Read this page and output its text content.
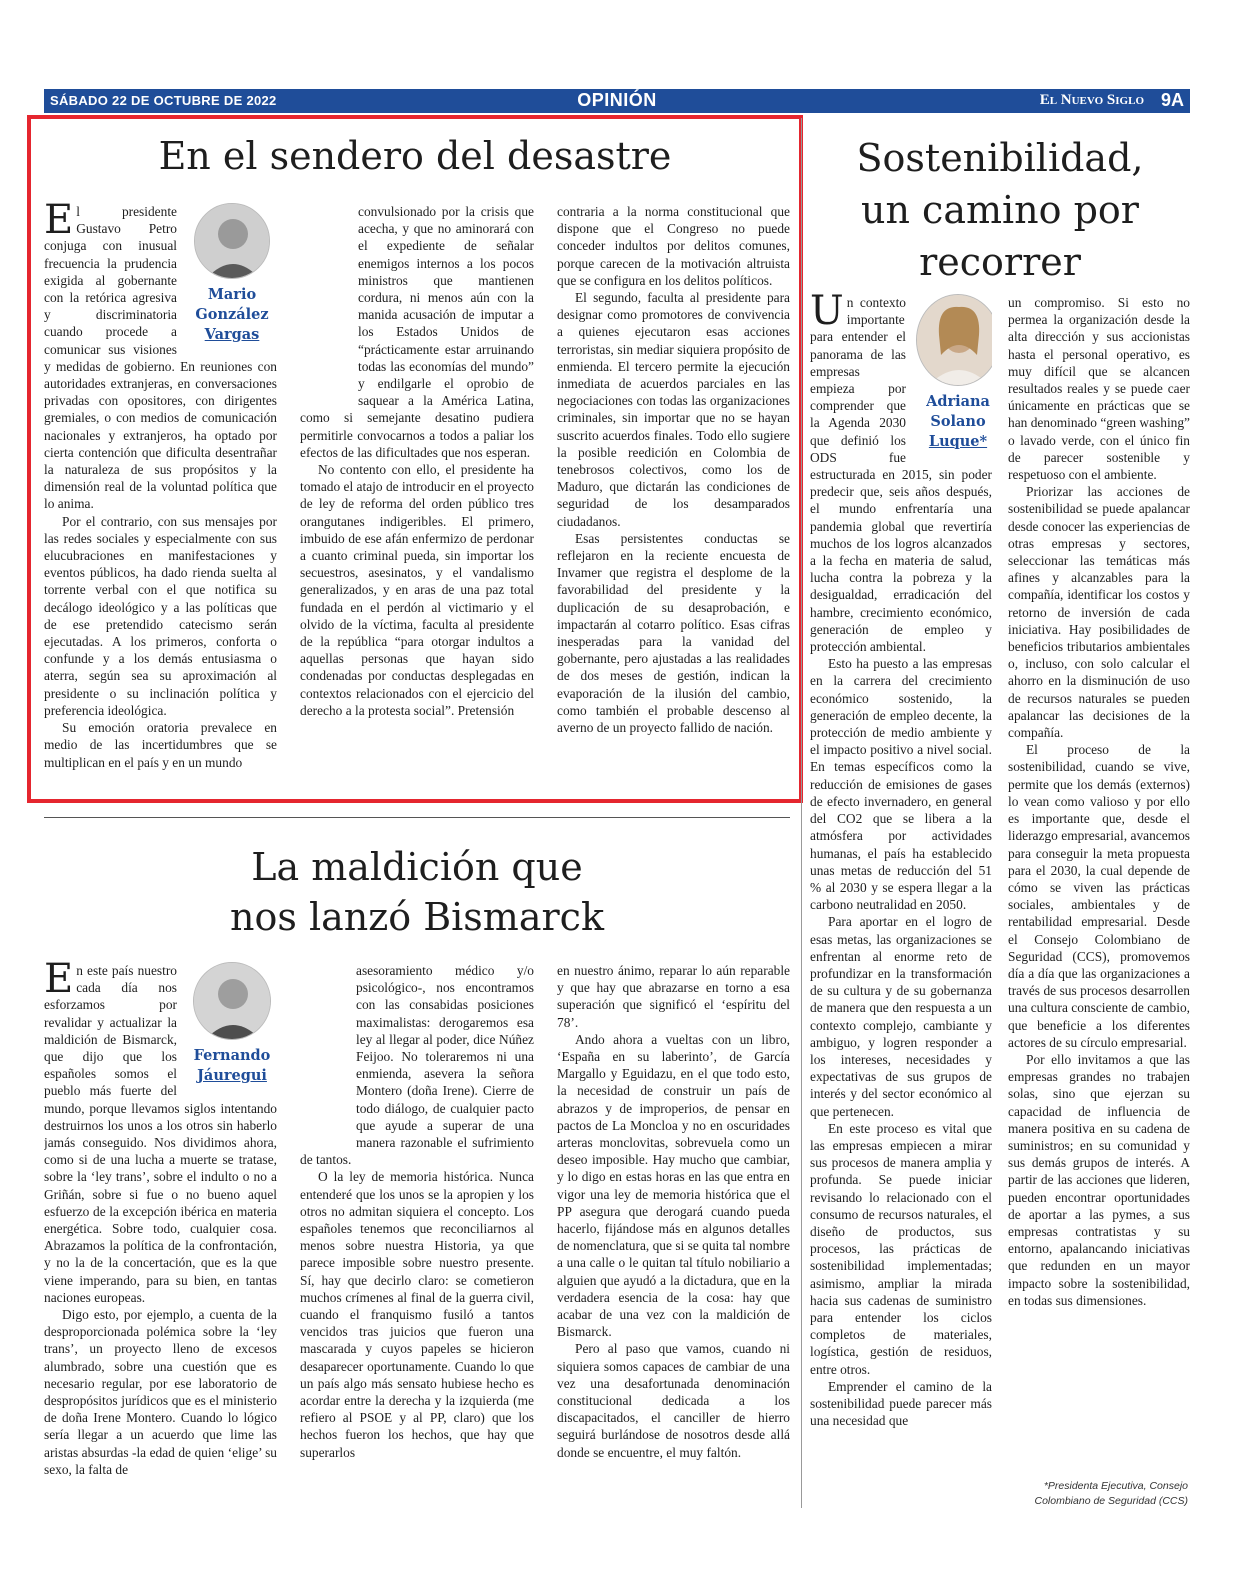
SÁBADO 22 DE OCTUBRE DE 2022	OPINIÓN	El Nuevo Siglo 9A
En el sendero del desastre
Mario
González
Vargas

El presidente Gustavo Petro conjuga con inusual frecuencia la prudencia exigida al gobernante con la retórica agresiva y discriminatoria cuando procede a comunicar sus visiones y medidas de gobierno. En reuniones con autoridades extranjeras, en conversaciones privadas con opositores, con dirigentes gremiales, o con medios de comunicación nacionales y extranjeros, ha optado por cierta contención que dificulta desentrañar la naturaleza de sus propósitos y la dimensión real de la voluntad política que lo anima.

Por el contrario, con sus mensajes por las redes sociales y especialmente con sus elucubraciones en manifestaciones y eventos públicos, ha dado rienda suelta al torrente verbal con el que notifica su decálogo ideológico y a las políticas que de ese pretendido catecismo serán ejecutadas. A los primeros, conforta o confunde y a los demás entusiasma o aterra, según sea su aproximación al presidente o su inclinación política y preferencia ideológica.

Su emoción oratoria prevalece en medio de las incertidumbres que se multiplican en el país y en un mundo

convulsionado por la crisis que acecha, y que no aminorará con el expediente de señalar enemigos internos a los pocos ministros que mantienen cordura, ni menos aún con la manida acusación de imputar a los Estados Unidos de “prácticamente estar arruinando todas las economías del mundo” y endilgarle el oprobio de saquear a la América Latina, como si semejante desatino pudiera permitirle convocarnos a todos a paliar los efectos de las dificultades que nos esperan.

No contento con ello, el presidente ha tomado el atajo de introducir en el proyecto de ley de reforma del orden público tres orangutanes indigeribles. El primero, imbuido de ese afán enfermizo de perdonar a cuanto criminal pueda, sin importar los secuestros, asesinatos, y el vandalismo generalizados, y en aras de una paz total fundada en el perdón al victimario y el olvido de la víctima, faculta al presidente de la república “para otorgar indultos a aquellas personas que hayan sido condenadas por conductas desplegadas en contextos relacionados con el ejercicio del derecho a la protesta social”. Pretensión

contraria a la norma constitucional que dispone que el Congreso no puede conceder indultos por delitos comunes, porque carecen de la motivación altruista que se configura en los delitos políticos.

El segundo, faculta al presidente para designar como promotores de convivencia a quienes ejecutaron esas acciones terroristas, sin mediar siquiera propósito de enmienda. El tercero permite la ejecución inmediata de acuerdos parciales en las negociaciones con todas las organizaciones criminales, sin importar que no se hayan suscrito acuerdos finales. Todo ello sugiere la posible reedición en Colombia de tenebrosos colectivos, como los de Maduro, que dictarán las condiciones de seguridad de los desamparados ciudadanos.

Esas persistentes conductas se reflejaron en la reciente encuesta de Invamer que registra el desplome de la favorabilidad del presidente y la duplicación de su desaprobación, e impactarán al cotarro político. Esas cifras inesperadas para la vanidad del gobernante, pero ajustadas a las realidades de dos meses de gestión, indican la evaporación de la ilusión del cambio, como también el probable descenso al averno de un proyecto fallido de nación.

La maldición que
nos lanzó Bismarck
Fernando
Jáuregui

En este país nuestro cada día nos esforzamos por revalidar y actualizar la maldición de Bismarck, que dijo que los españoles somos el pueblo más fuerte del mundo, porque llevamos siglos intentando destruirnos los unos a los otros sin haberlo jamás conseguido. Nos dividimos ahora, como si de una lucha a muerte se tratase, sobre la ‘ley trans’, sobre el indulto o no a Griñán, sobre si fue o no bueno aquel esfuerzo de la excepción ibérica en materia energética. Sobre todo, cualquier cosa. Abrazamos la política de la confrontación, y no la de la concertación, que es la que viene imperando, para su bien, en tantas naciones europeas.

Digo esto, por ejemplo, a cuenta de la desproporcionada polémica sobre la ‘ley trans’, un proyecto lleno de excesos alumbrado, sobre una cuestión que es necesario regular, por ese laboratorio de despropósitos jurídicos que es el ministerio de doña Irene Montero. Cuando lo lógico sería llegar a un acuerdo que lime las aristas absurdas -la edad de quien ‘elige’ su sexo, la falta de

asesoramiento médico y/o psicológico-, nos encontramos con las consabidas posiciones maximalistas: derogaremos esa ley al llegar al poder, dice Núñez Feijoo. No toleraremos ni una enmienda, asevera la señora Montero (doña Irene). Cierre de todo diálogo, de cualquier pacto que ayude a superar de una manera razonable el sufrimiento de tantos.

O la ley de memoria histórica. Nunca entenderé que los unos se la apropien y los otros no admitan siquiera el concepto. Los españoles tenemos que reconciliarnos al menos sobre nuestra Historia, ya que parece imposible sobre nuestro presente. Sí, hay que decirlo claro: se cometieron muchos crímenes al final de la guerra civil, cuando el franquismo fusiló a tantos vencidos tras juicios que fueron una mascarada y cuyos papeles se hicieron desaparecer oportunamente. Cuando lo que un país algo más sensato hubiese hecho es acordar entre la derecha y la izquierda (me refiero al PSOE y al PP, claro) que los hechos fueron los hechos, que hay que superarlos

en nuestro ánimo, reparar lo aún reparable y que hay que abrazarse en torno a esa superación que significó el ‘espíritu del 78’.

Ando ahora a vueltas con un libro, ‘España en su laberinto’, de García Margallo y Eguidazu, en el que todo esto, la necesidad de construir un país de abrazos y de improperios, de pensar en pactos de La Moncloa y no en oscuridades arteras monclovitas, sobrevuela como un deseo imposible. Hay mucho que cambiar, y lo digo en estas horas en las que entra en vigor una ley de memoria histórica que el PP asegura que derogará cuando pueda hacerlo, fijándose más en algunos detalles de nomenclatura, que si se quita tal nombre a una calle o le quitan tal título nobiliario a alguien que ayudó a la dictadura, que en la verdadera esencia de la cosa: hay que acabar de una vez con la maldición de Bismarck.

Pero al paso que vamos, cuando ni siquiera somos capaces de cambiar de una vez una desafortunada denominación constitucional dedicada a los discapacitados, el canciller de hierro seguirá burlándose de nosotros desde allá donde se encuentre, el muy faltón.

Sostenibilidad,
un camino por
recorrer
Adriana
Solano
Luque*

Un contexto importante para entender el panorama de las empresas empieza por comprender que la Agenda 2030 que definió los ODS fue estructurada en 2015, sin poder predecir que, seis años después, el mundo enfrentaría una pandemia global que revertiría muchos de los logros alcanzados a la fecha en materia de salud, lucha contra la pobreza y la desigualdad, erradicación del hambre, crecimiento económico, generación de empleo y protección ambiental.

Esto ha puesto a las empresas en la carrera del crecimiento económico sostenido, la generación de empleo decente, la protección de medio ambiente y el impacto positivo a nivel social. En temas específicos como la reducción de emisiones de gases de efecto invernadero, en general del CO2 que se libera a la atmósfera por actividades humanas, el país ha establecido unas metas de reducción del 51 % al 2030 y se espera llegar a la carbono neutralidad en 2050.

Para aportar en el logro de esas metas, las organizaciones se enfrentan al enorme reto de profundizar en la transformación de su cultura y de su gobernanza de manera que den respuesta a un contexto complejo, cambiante y ambiguo, y logren responder a los intereses, necesidades y expectativas de sus grupos de interés y del sector económico al que pertenecen.

En este proceso es vital que las empresas empiecen a mirar sus procesos de manera amplia y profunda. Se puede iniciar revisando lo relacionado con el consumo de recursos naturales, el diseño de productos, sus procesos, las prácticas de sostenibilidad implementadas; asimismo, ampliar la mirada hacia sus cadenas de suministro para entender los ciclos completos de materiales, logística, gestión de residuos, entre otros.

Emprender el camino de la sostenibilidad puede parecer más una necesidad que

un compromiso. Si esto no permea la organización desde la alta dirección y sus accionistas hasta el personal operativo, es muy difícil que se alcancen resultados reales y se puede caer únicamente en prácticas que se han denominado “green washing” o lavado verde, con el único fin de parecer sostenible y respetuoso con el ambiente.

Priorizar las acciones de sostenibilidad se puede apalancar desde conocer las experiencias de otras empresas y sectores, seleccionar las temáticas más afines y alcanzables para la compañía, identificar los costos y retorno de inversión de cada iniciativa. Hay posibilidades de beneficios tributarios ambientales o, incluso, con solo calcular el ahorro en la disminución de uso de recursos naturales se pueden apalancar las decisiones de la compañía.

El proceso de la sostenibilidad, cuando se vive, permite que los demás (externos) lo vean como valioso y por ello es importante que, desde el liderazgo empresarial, avancemos para conseguir la meta propuesta para el 2030, la cual depende de cómo se viven las prácticas sociales, ambientales y de rentabilidad empresarial. Desde el Consejo Colombiano de Seguridad (CCS), promovemos día a día que las organizaciones a través de sus procesos desarrollen una cultura consciente de cambio, que beneficie a los diferentes actores de su círculo empresarial.

Por ello invitamos a que las empresas grandes no trabajen solas, sino que ejerzan su capacidad de influencia de manera positiva en su cadena de suministros; en su comunidad y sus demás grupos de interés. A partir de las acciones que lideren, pueden encontrar oportunidades de aportar a las pymes, a sus empresas contratistas y su entorno, apalancando iniciativas que redunden en un mayor impacto sobre la sostenibilidad, en todas sus dimensiones.

*Presidenta Ejecutiva, Consejo
Colombiano de Seguridad (CCS)
